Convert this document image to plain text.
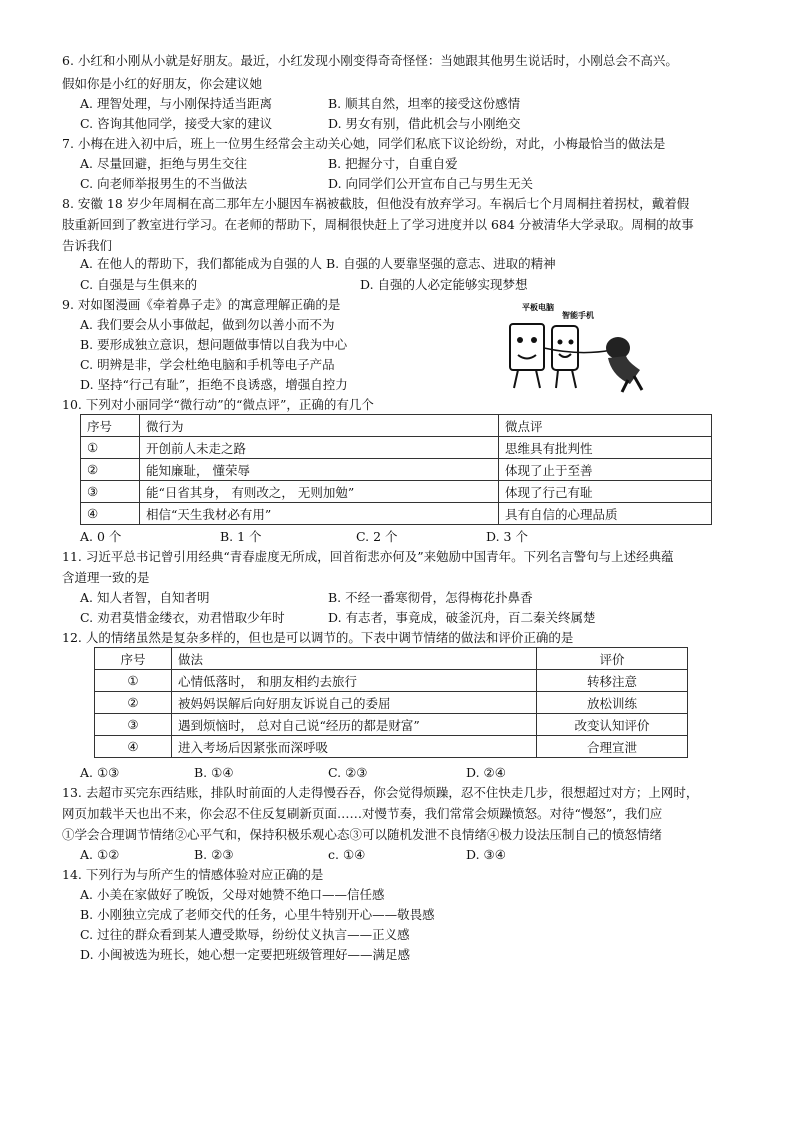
6. 小红和小刚从小就是好朋友。最近，小红发现小刚变得奇奇怪怪：当她跟其他男生说话时，小刚总会不高兴。
假如你是小红的好朋友，你会建议她
A. 理智处理，与小刚保持适当距离	B. 顺其自然，坦率的接受这份感情
C. 咨询其他同学，接受大家的建议	D. 男女有别，借此机会与小刚绝交
7. 小梅在进入初中后，班上一位男生经常会主动关心她，同学们私底下议论纷纷，对此，小梅最恰当的做法是
A. 尽量回避，拒绝与男生交往	B. 把握分寸，自重自爱
C. 向老师举报男生的不当做法	D. 向同学们公开宣布自己与男生无关
8. 安徽 18 岁少年周桐在高二那年左小腿因车祸被截肢，但他没有放弃学习。车祸后七个月周桐拄着拐杖，戴着假
肢重新回到了教室进行学习。在老师的帮助下，周桐很快赶上了学习进度并以 684 分被清华大学录取。周桐的故事
告诉我们
A. 在他人的帮助下，我们都能成为自强的人 B. 自强的人要靠坚强的意志、进取的精神
C. 自强是与生俱来的	D. 自强的人必定能够实现梦想
9. 对如图漫画《牵着鼻子走》的寓意理解正确的是
A. 我们要会从小事做起，做到勿以善小而不为
B. 要形成独立意识，想问题做事情以自我为中心
C. 明辨是非，学会杜绝电脑和手机等电子产品
D. 坚持“行己有耻”，拒绝不良诱惑，增强自控力
平板电脑
智能手机
10. 下列对小丽同学“微行动”的“微点评”，正确的有几个
序号	微行为	微点评
①	开创前人未走之路	思维具有批判性
②	能知廉耻， 懂荣辱	体现了止于至善
③	能“日省其身， 有则改之， 无则加勉”	体现了行己有耻
④	相信“天生我材必有用”	具有自信的心理品质
A. 0 个	B. 1 个	C. 2 个	D. 3 个
11. 习近平总书记曾引用经典“青春虚度无所成，回首衔悲亦何及”来勉励中国青年。下列名言警句与上述经典蕴
含道理一致的是
A. 知人者智，自知者明	B. 不经一番寒彻骨，怎得梅花扑鼻香
C. 劝君莫惜金缕衣，劝君惜取少年时	D. 有志者，事竟成，破釜沉舟，百二秦关终属楚
12. 人的情绪虽然是复杂多样的，但也是可以调节的。下表中调节情绪的做法和评价正确的是
序号	做法	评价
①	心情低落时， 和朋友相约去旅行	转移注意
②	被妈妈误解后向好朋友诉说自己的委屈	放松训练
③	遇到烦恼时， 总对自己说“经历的都是财富”	改变认知评价
④	进入考场后因紧张而深呼吸	合理宣泄
A. ①③	B. ①④	C. ②③	D. ②④
13. 去超市买完东西结账，排队时前面的人走得慢吞吞，你会觉得烦躁，忍不住快走几步，很想超过对方；上网时，
网页加载半天也出不来，你会忍不住反复刷新页面……对慢节奏，我们常常会烦躁愤怒。对待“慢怒”，我们应
①学会合理调节情绪②心平气和，保持积极乐观心态③可以随机发泄不良情绪④极力设法压制自己的愤怒情绪
A. ①②	B. ②③	c. ①④	D. ③④
14. 下列行为与所产生的情感体验对应正确的是
A. 小美在家做好了晚饭，父母对她赞不绝口——信任感
B. 小刚独立完成了老师交代的任务，心里牛特别开心——敬畏感
C. 过往的群众看到某人遭受欺辱，纷纷仗义执言——正义感
D. 小闽被选为班长，她心想一定要把班级管理好——满足感
